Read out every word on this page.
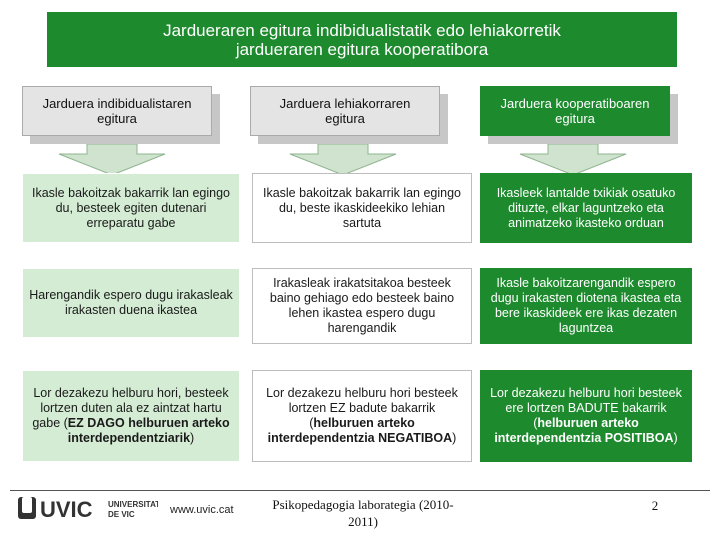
Jardueraren egitura indibidualistatik edo lehiakorretik
jardueraren egitura kooperatibora
Jarduera indibidualistaren egitura
Jarduera lehiakorraren egitura
Jarduera kooperatiboaren egitura
Ikasle bakoitzak bakarrik lan egingo du, besteek egiten dutenari erreparatu gabe
Ikasle bakoitzak bakarrik lan egingo du, beste ikaskideekiko lehian sartuta
Ikasleek lantalde txikiak osatuko dituzte, elkar laguntzeko eta animatzeko ikasteko orduan
Harengandik espero dugu irakasleak irakasten duena ikastea
Irakasleak irakatsitakoa besteek baino gehiago edo besteek baino lehen ikastea espero dugu harengandik
Ikasle bakoitzarengandik espero dugu irakasten diotena ikastea eta bere ikaskideek ere ikas dezaten laguntzea
Lor dezakezu helburu hori, besteek lortzen duten ala ez aintzat hartu gabe (EZ DAGO helburuen arteko interdependentziarik)
Lor dezakezu helburu hori besteek lortzen EZ badute bakarrik (helburuen arteko interdependentzia NEGATIBOA)
Lor dezakezu helburu hori besteek ere lortzen BADUTE bakarrik (helburuen arteko interdependentzia POSITIBOA)
UVIC UNIVERSITAT
DE VIC	www.uvic.cat	Psikopedagogia laborategia (2010-
2011)
2
